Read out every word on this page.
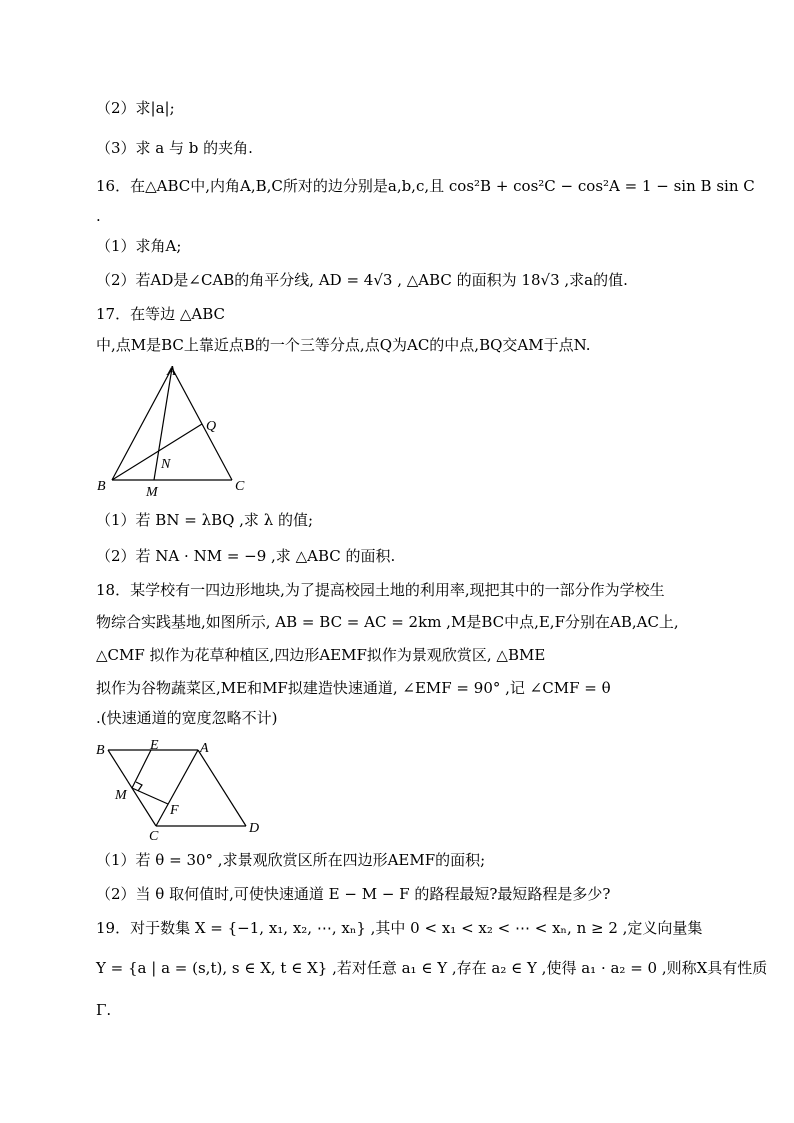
（2）求|a|;
（3）求 a 与 b 的夹角.
16．在△ABC中,内角A,B,C所对的边分别是a,b,c,且 cos²B + cos²C − cos²A = 1 − sin B sin C
.
（1）求角A;
（2）若AD是∠CAB的角平分线, AD = 4√3 , △ABC 的面积为 18√3 ,求a的值.
17．在等边 △ABC
中,点M是BC上靠近点B的一个三等分点,点Q为AC的中点,BQ交AM于点N.
A
B	C
M
N
Q
（1）若 BN = λBQ ,求 λ 的值;
（2）若 NA · NM = −9 ,求 △ABC 的面积.
18．某学校有一四边形地块,为了提高校园土地的利用率,现把其中的一部分作为学校生
物综合实践基地,如图所示, AB = BC = AC = 2km ,M是BC中点,E,F分别在AB,AC上,
△CMF 拟作为花草种植区,四边形AEMF拟作为景观欣赏区, △BME
拟作为谷物蔬菜区,ME和MF拟建造快速通道, ∠EMF = 90° ,记 ∠CMF = θ
.(快速通道的宽度忽略不计)
B	E	A
M
F
C
D
（1）若 θ = 30° ,求景观欣赏区所在四边形AEMF的面积;
（2）当 θ 取何值时,可使快速通道 E − M − F 的路程最短?最短路程是多少?
19．对于数集 X = {−1, x₁, x₂, ⋯, xₙ} ,其中 0 < x₁ < x₂ < ⋯ < xₙ, n ≥ 2 ,定义向量集
Y = {a | a = (s,t), s ∈ X, t ∈ X} ,若对任意 a₁ ∈ Y ,存在 a₂ ∈ Y ,使得 a₁ · a₂ = 0 ,则称X具有性质
Γ.
